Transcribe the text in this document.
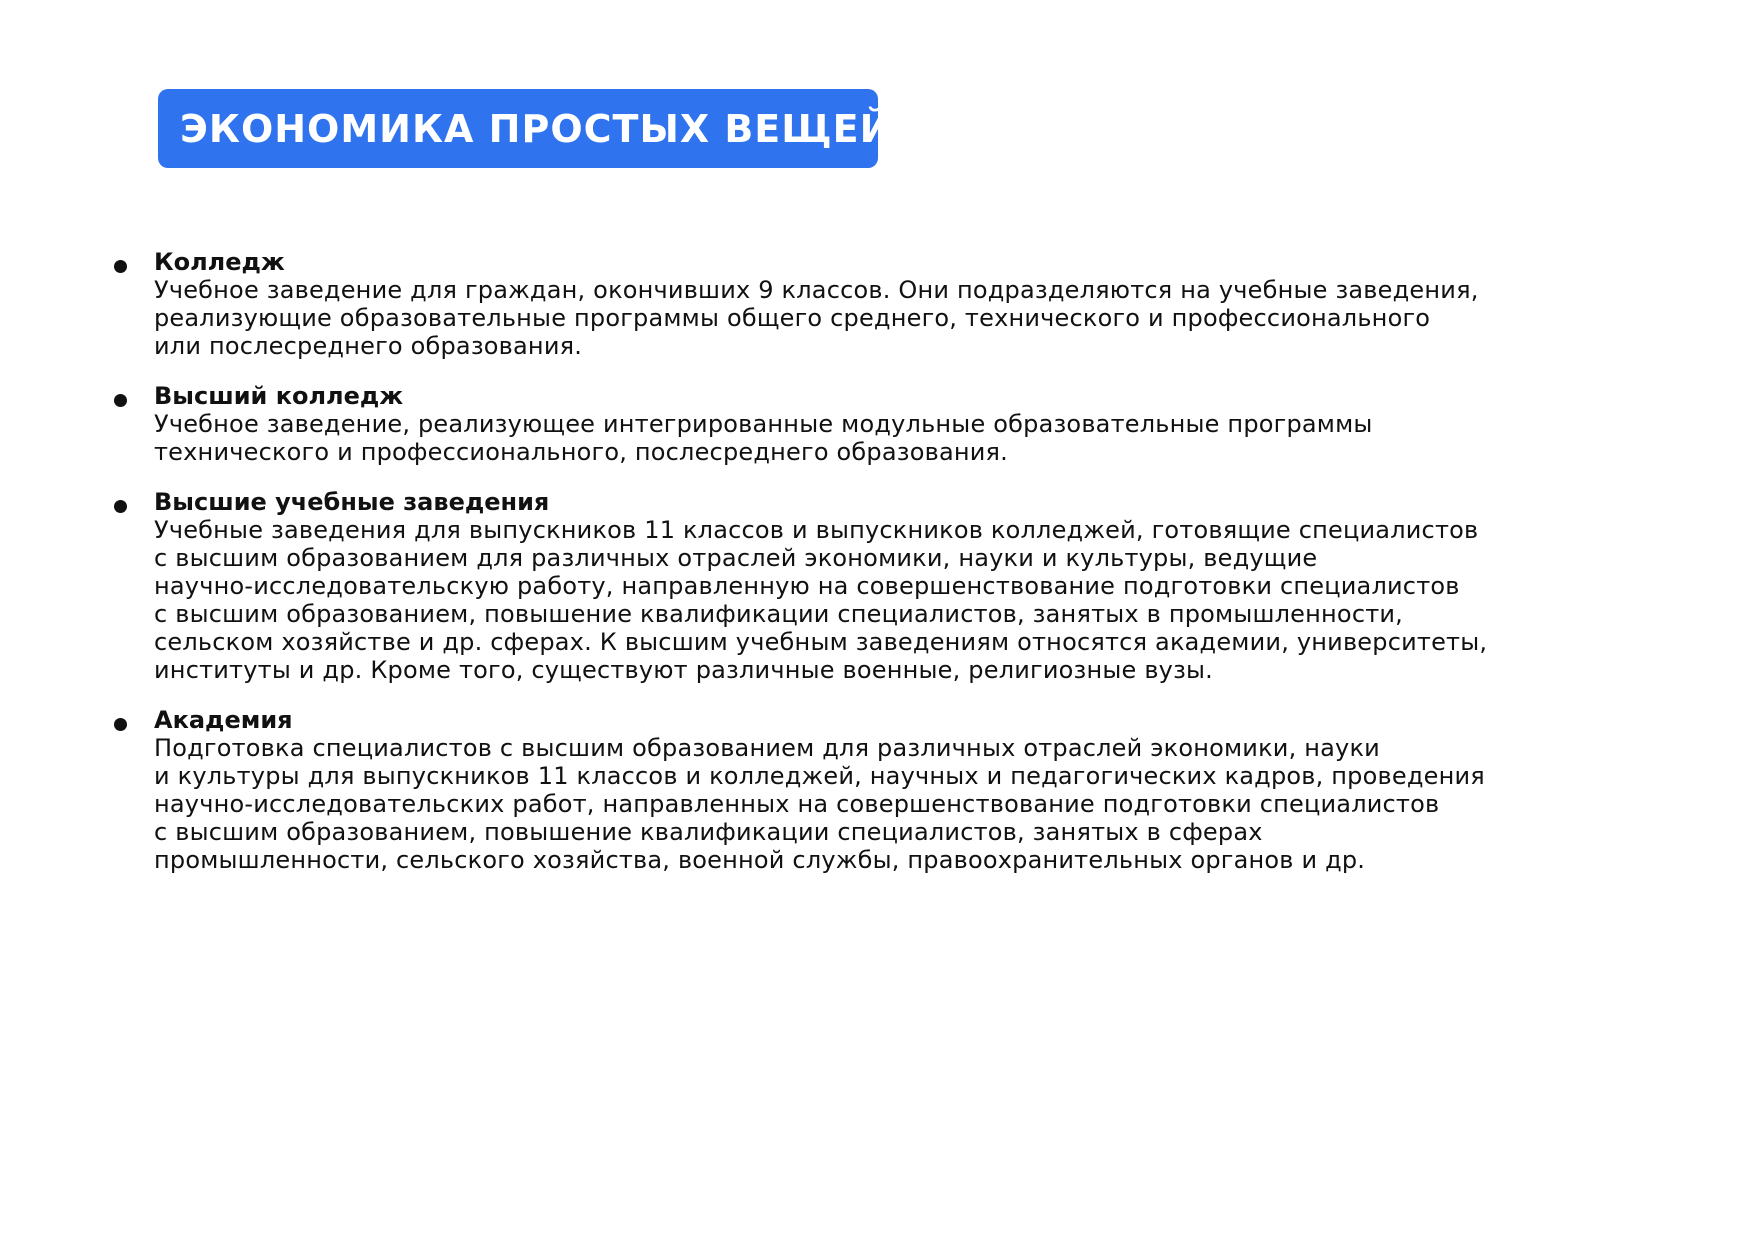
ЭКОНОМИКА ПРОСТЫХ ВЕЩЕЙ
Колледж
Учебное заведение для граждан, окончивших 9 классов. Они подразделяются на учебные заведения,
реализующие образовательные программы общего среднего, технического и профессионального
или послесреднего образования.
Высший колледж
Учебное заведение, реализующее интегрированные модульные образовательные программы
технического и профессионального, послесреднего образования.
Высшие учебные заведения
Учебные заведения для выпускников 11 классов и выпускников колледжей, готовящие специалистов
с высшим образованием для различных отраслей экономики, науки и культуры, ведущие
научно-исследовательскую работу, направленную на совершенствование подготовки специалистов
с высшим образованием, повышение квалификации специалистов, занятых в промышленности,
сельском хозяйстве и др. сферах. К высшим учебным заведениям относятся академии, университеты,
институты и др. Кроме того, существуют различные военные, религиозные вузы.
Академия
Подготовка специалистов с высшим образованием для различных отраслей экономики, науки
и культуры для выпускников 11 классов и колледжей, научных и педагогических кадров, проведения
научно-исследовательских работ, направленных на совершенствование подготовки специалистов
с высшим образованием, повышение квалификации специалистов, занятых в сферах
промышленности, сельского хозяйства, военной службы, правоохранительных органов и др.
